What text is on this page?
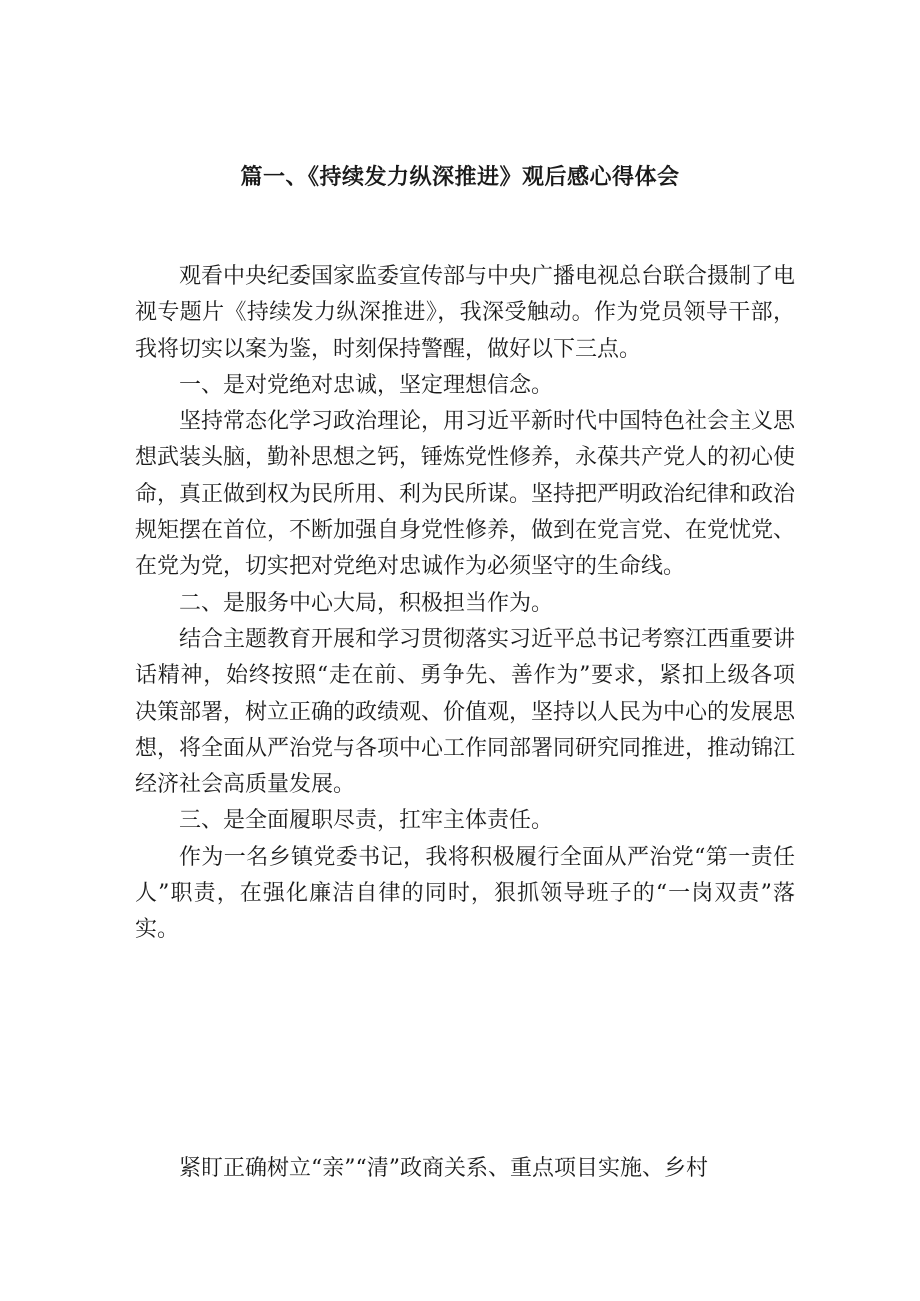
篇一、《持续发力纵深推进》观后感心得体会

观看中央纪委国家监委宣传部与中央广播电视总台联合摄制了电视专题片《持续发力纵深推进》，我深受触动。作为党员领导干部，我将切实以案为鉴，时刻保持警醒，做好以下三点。

一、是对党绝对忠诚，坚定理想信念。

坚持常态化学习政治理论，用习近平新时代中国特色社会主义思想武装头脑，勤补思想之钙，锤炼党性修养，永葆共产党人的初心使命，真正做到权为民所用、利为民所谋。坚持把严明政治纪律和政治规矩摆在首位，不断加强自身党性修养，做到在党言党、在党忧党、在党为党，切实把对党绝对忠诚作为必须坚守的生命线。

二、是服务中心大局，积极担当作为。

结合主题教育开展和学习贯彻落实习近平总书记考察江西重要讲话精神，始终按照“走在前、勇争先、善作为”要求，紧扣上级各项决策部署，树立正确的政绩观、价值观，坚持以人民为中心的发展思想，将全面从严治党与各项中心工作同部署同研究同推进，推动锦江经济社会高质量发展。

三、是全面履职尽责，扛牢主体责任。

作为一名乡镇党委书记，我将积极履行全面从严治党“第一责任人”职责，在强化廉洁自律的同时，狠抓领导班子的“一岗双责”落实。

紧盯正确树立“亲”“清”政商关系、重点项目实施、乡村
